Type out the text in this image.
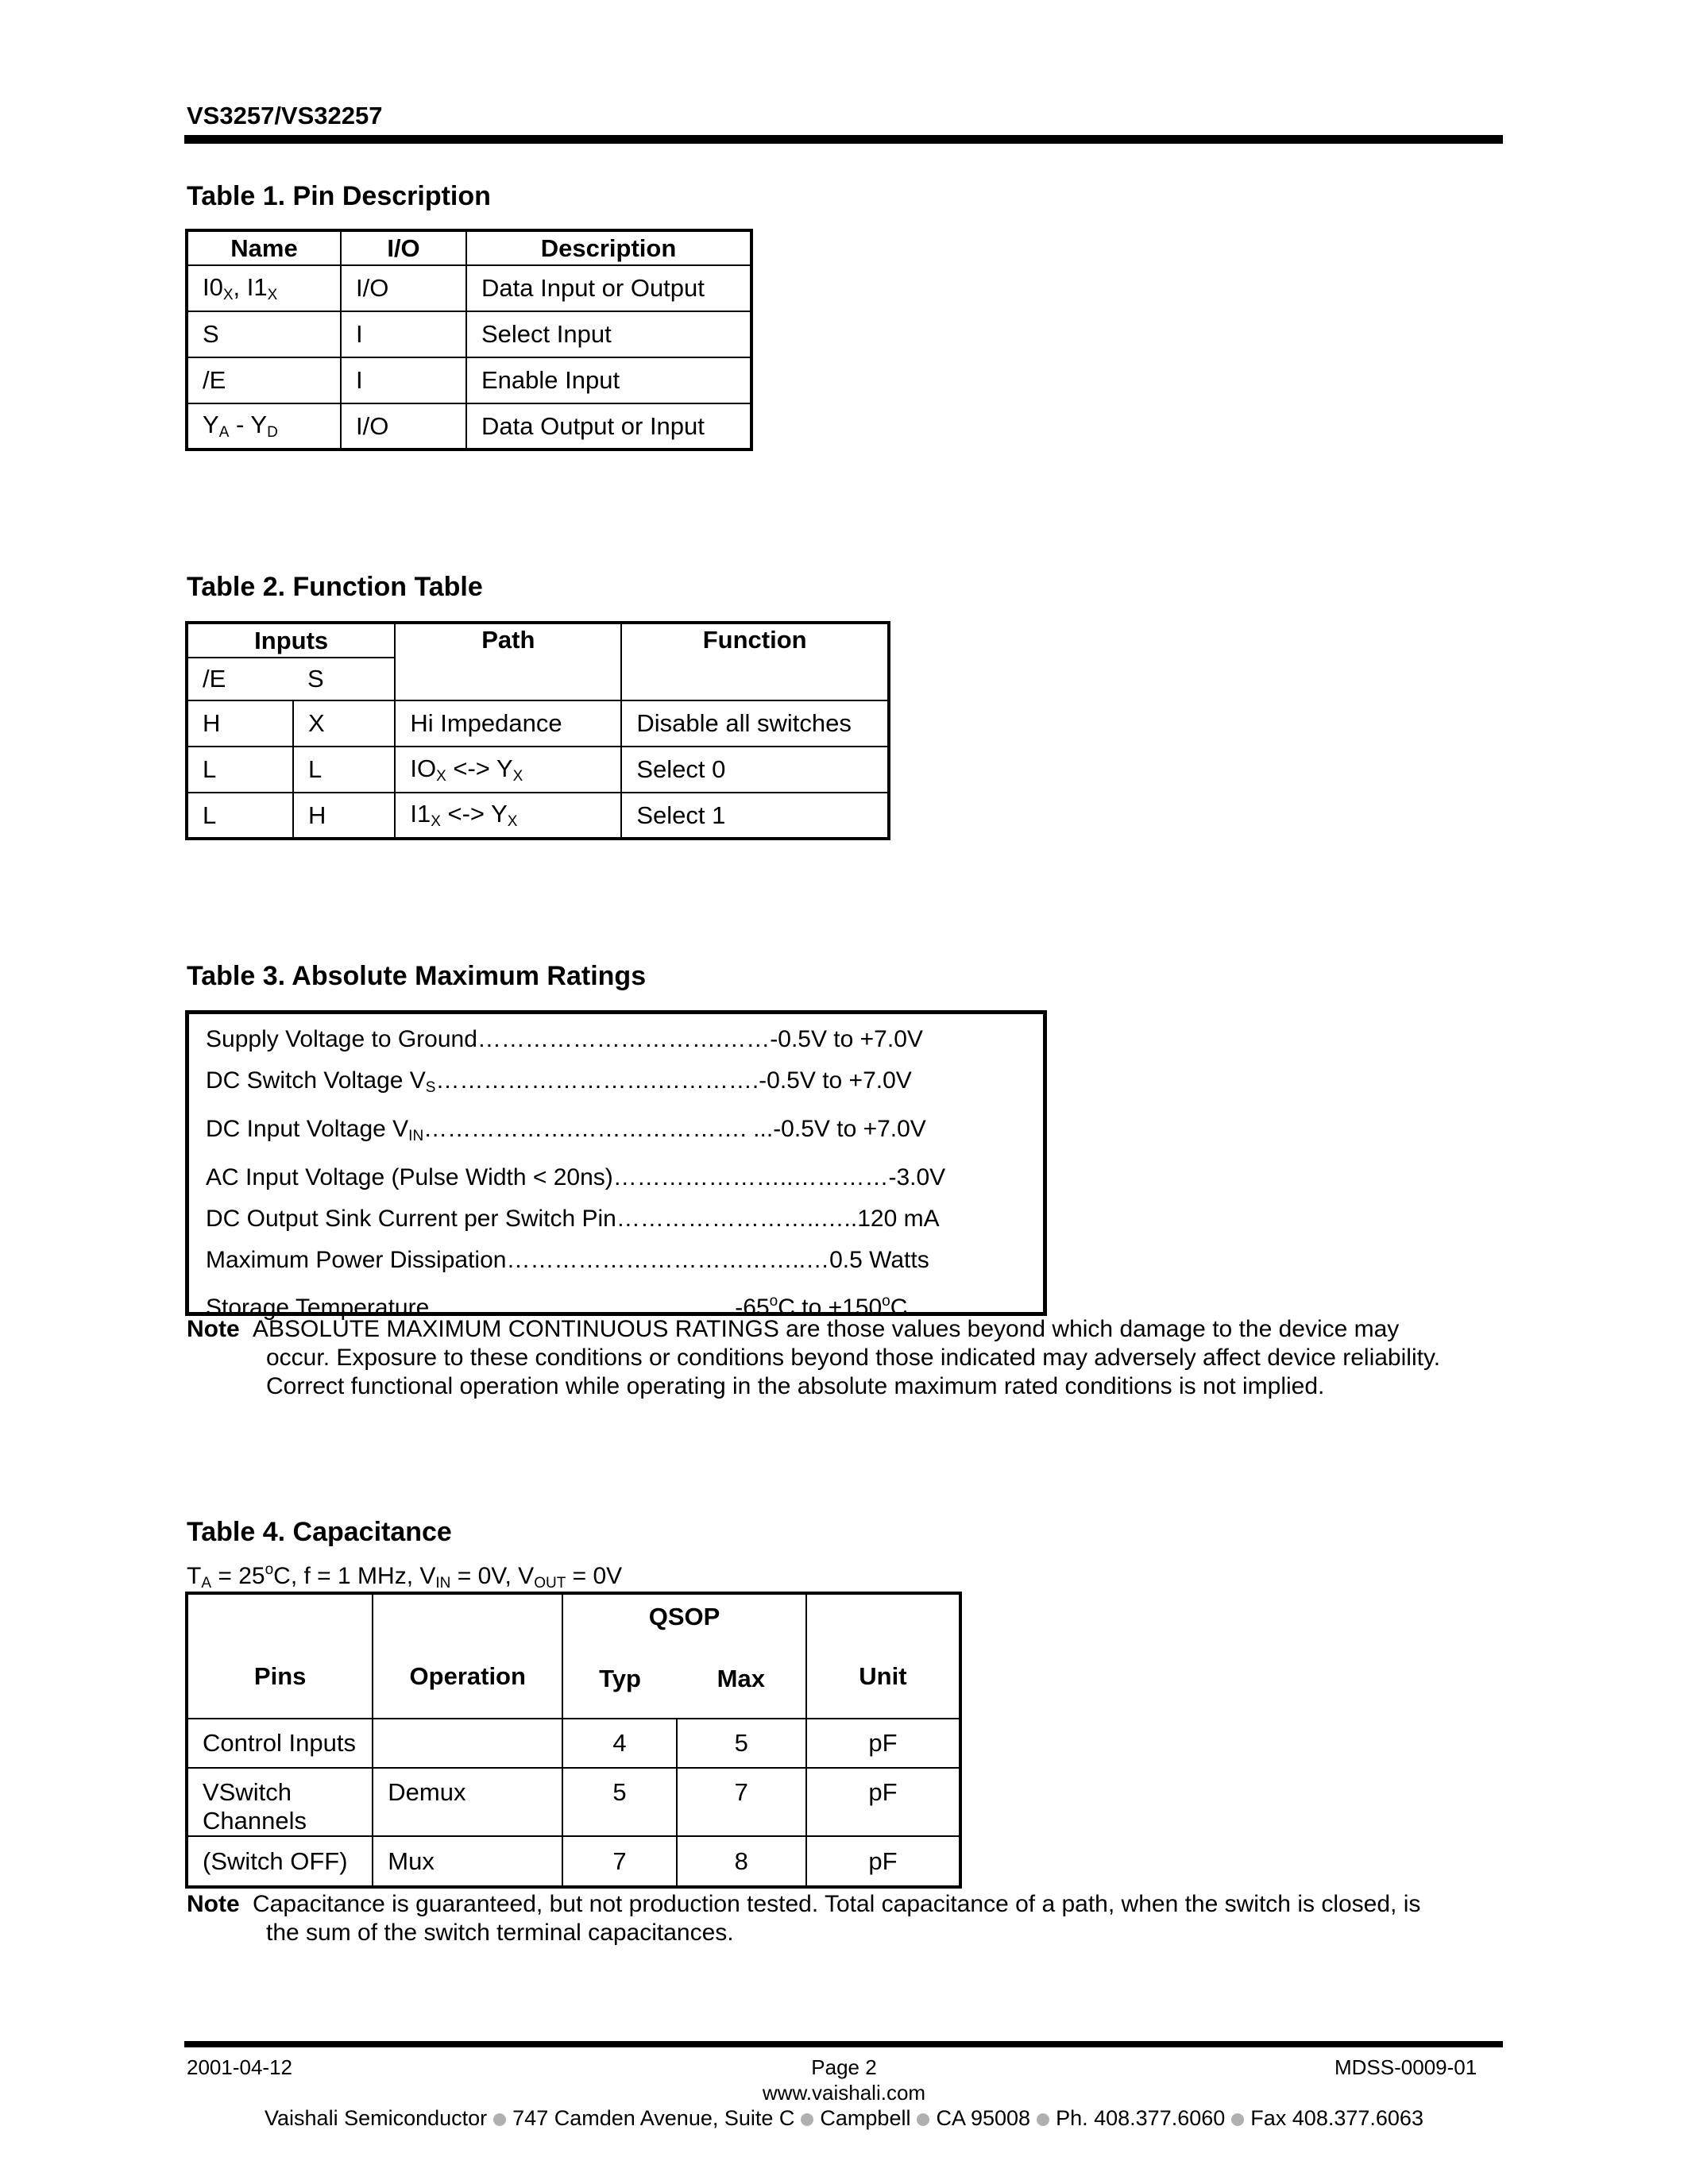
VS3257/VS32257
Table 1. Pin Description
Name	I/O	Description
$I0_X$, $I1_X$	I/O	Data Input or Output
S	I	Select Input
/E	I	Enable Input
$Y_A - Y_D$	I/O	Data Output or Input
Table 2. Function Table
Inputs		Path	Function
/E	S		
H	X	Hi Impedance	Disable all switches
L	L	$IO_X$ <-> $Y_X$	Select 0
L	H	$I1_X$ <-> $Y_X$	Select 1
Table 3. Absolute Maximum Ratings
Supply Voltage to Ground………………………….……-0.5V to +7.0V
DC Switch Voltage $V_S\dots\dots\dots\dots\dots\dots\dots\dots\dots.\dots\dots\dots\dots.-0.5V$ to +7.0V
DC Input Voltage $V_{IN}\dots\dots\dots\dots\dots\dots.\dots\dots\dots\dots\dots\dots\dots$. ...-0.5V to +7.0V
AC Input Voltage (Pulse Width < 20ns)…………………..…………-3.0V
DC Output Sink Current per Switch Pin……………………..…..120 mA
Maximum Power Dissipation………………………………..…0.5 Watts
Storage Temperature………………………………...-65$^o$C to $+150^oC$
Note ABSOLUTE MAXIMUM CONTINUOUS RATINGS are those values beyond which damage to the device may
occur. Exposure to these conditions or conditions beyond those indicated may adversely affect device reliability.
Correct functional operation while operating in the absolute maximum rated conditions is not implied.
Table 4. Capacitance
$T_A = 25^oC$, f = 1 MHz, $V_{IN} = 0V$, $V_{OUT} = 0V$
Pins	Operation	QSOP		Unit
		Typ	Max	
Control Inputs		4	5	pF
VSwitch Channels	Demux	5	7	pF
(Switch OFF)	Mux	7	8	pF
Note Capacitance is guaranteed, but not production tested. Total capacitance of a path, when the switch is closed, is
the sum of the switch terminal capacitances.
2001-04-12	Page 2	MDSS-0009-01
www.vaishali.com
Vaishali Semiconductor 747 Camden Avenue, Suite C Campbell CA 95008 Ph. 408.377.6060 Fax 408.377.6063
